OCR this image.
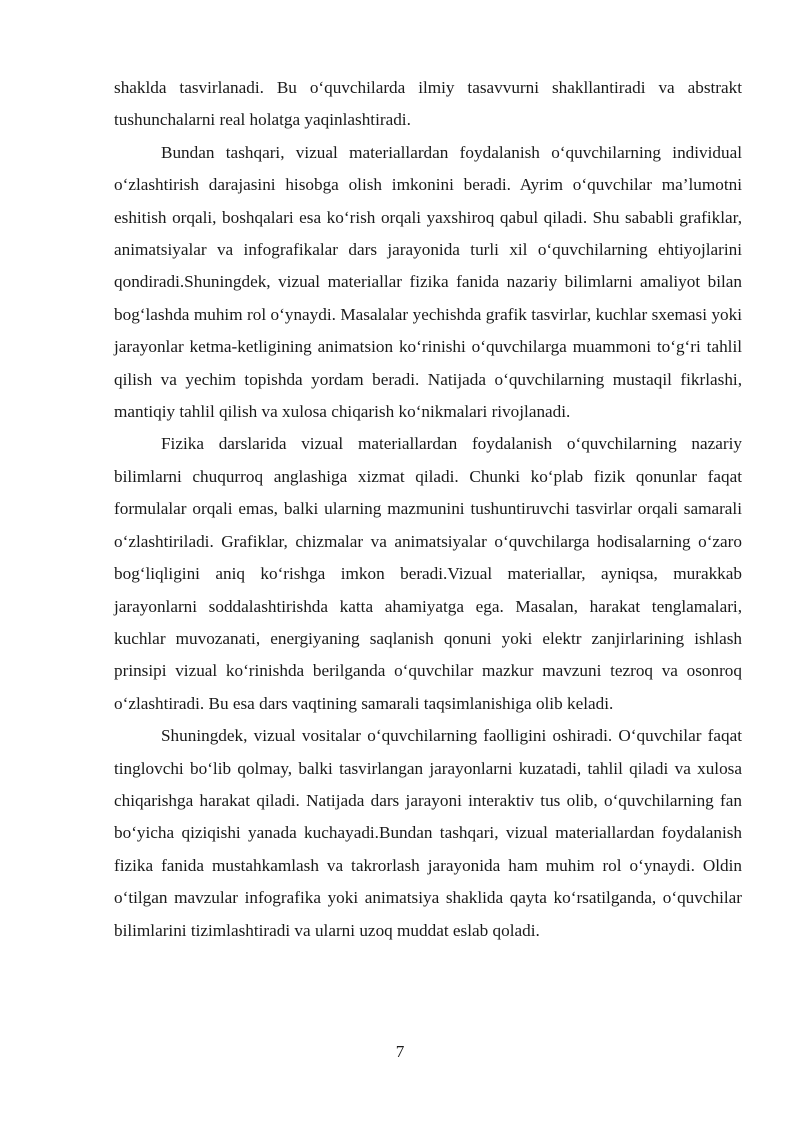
shaklda tasvirlanadi. Bu o‘quvchilarda ilmiy tasavvurni shakllantiradi va abstrakt tushunchalarni real holatga yaqinlashtiradi.

Bundan tashqari, vizual materiallardan foydalanish o‘quvchilarning individual o‘zlashtirish darajasini hisobga olish imkonini beradi. Ayrim o‘quvchilar ma’lumotni eshitish orqali, boshqalari esa ko‘rish orqali yaxshiroq qabul qiladi. Shu sababli grafiklar, animatsiyalar va infografikalar dars jarayonida turli xil o‘quvchilarning ehtiyojlarini qondiradi.Shuningdek, vizual materiallar fizika fanida nazariy bilimlarni amaliyot bilan bog‘lashda muhim rol o‘ynaydi. Masalalar yechishda grafik tasvirlar, kuchlar sxemasi yoki jarayonlar ketma-ketligining animatsion ko‘rinishi o‘quvchilarga muammoni to‘g‘ri tahlil qilish va yechim topishda yordam beradi. Natijada o‘quvchilarning mustaqil fikrlashi, mantiqiy tahlil qilish va xulosa chiqarish ko‘nikmalari rivojlanadi.

Fizika darslarida vizual materiallardan foydalanish o‘quvchilarning nazariy bilimlarni chuqurroq anglashiga xizmat qiladi. Chunki ko‘plab fizik qonunlar faqat formulalar orqali emas, balki ularning mazmunini tushuntiruvchi tasvirlar orqali samarali o‘zlashtiriladi. Grafiklar, chizmalar va animatsiyalar o‘quvchilarga hodisalarning o‘zaro bog‘liqligini aniq ko‘rishga imkon beradi.Vizual materiallar, ayniqsa, murakkab jarayonlarni soddalashtirishda katta ahamiyatga ega. Masalan, harakat tenglamalari, kuchlar muvozanati, energiyaning saqlanish qonuni yoki elektr zanjirlarining ishlash prinsipi vizual ko‘rinishda berilganda o‘quvchilar mazkur mavzuni tezroq va osonroq o‘zlashtiradi. Bu esa dars vaqtining samarali taqsimlanishiga olib keladi.

Shuningdek, vizual vositalar o‘quvchilarning faolligini oshiradi. O‘quvchilar faqat tinglovchi bo‘lib qolmay, balki tasvirlangan jarayonlarni kuzatadi, tahlil qiladi va xulosa chiqarishga harakat qiladi. Natijada dars jarayoni interaktiv tus olib, o‘quvchilarning fan bo‘yicha qiziqishi yanada kuchayadi.Bundan tashqari, vizual materiallardan foydalanish fizika fanida mustahkamlash va takrorlash jarayonida ham muhim rol o‘ynaydi. Oldin o‘tilgan mavzular infografika yoki animatsiya shaklida qayta ko‘rsatilganda, o‘quvchilar bilimlarini tizimlashtiradi va ularni uzoq muddat eslab qoladi.

7
